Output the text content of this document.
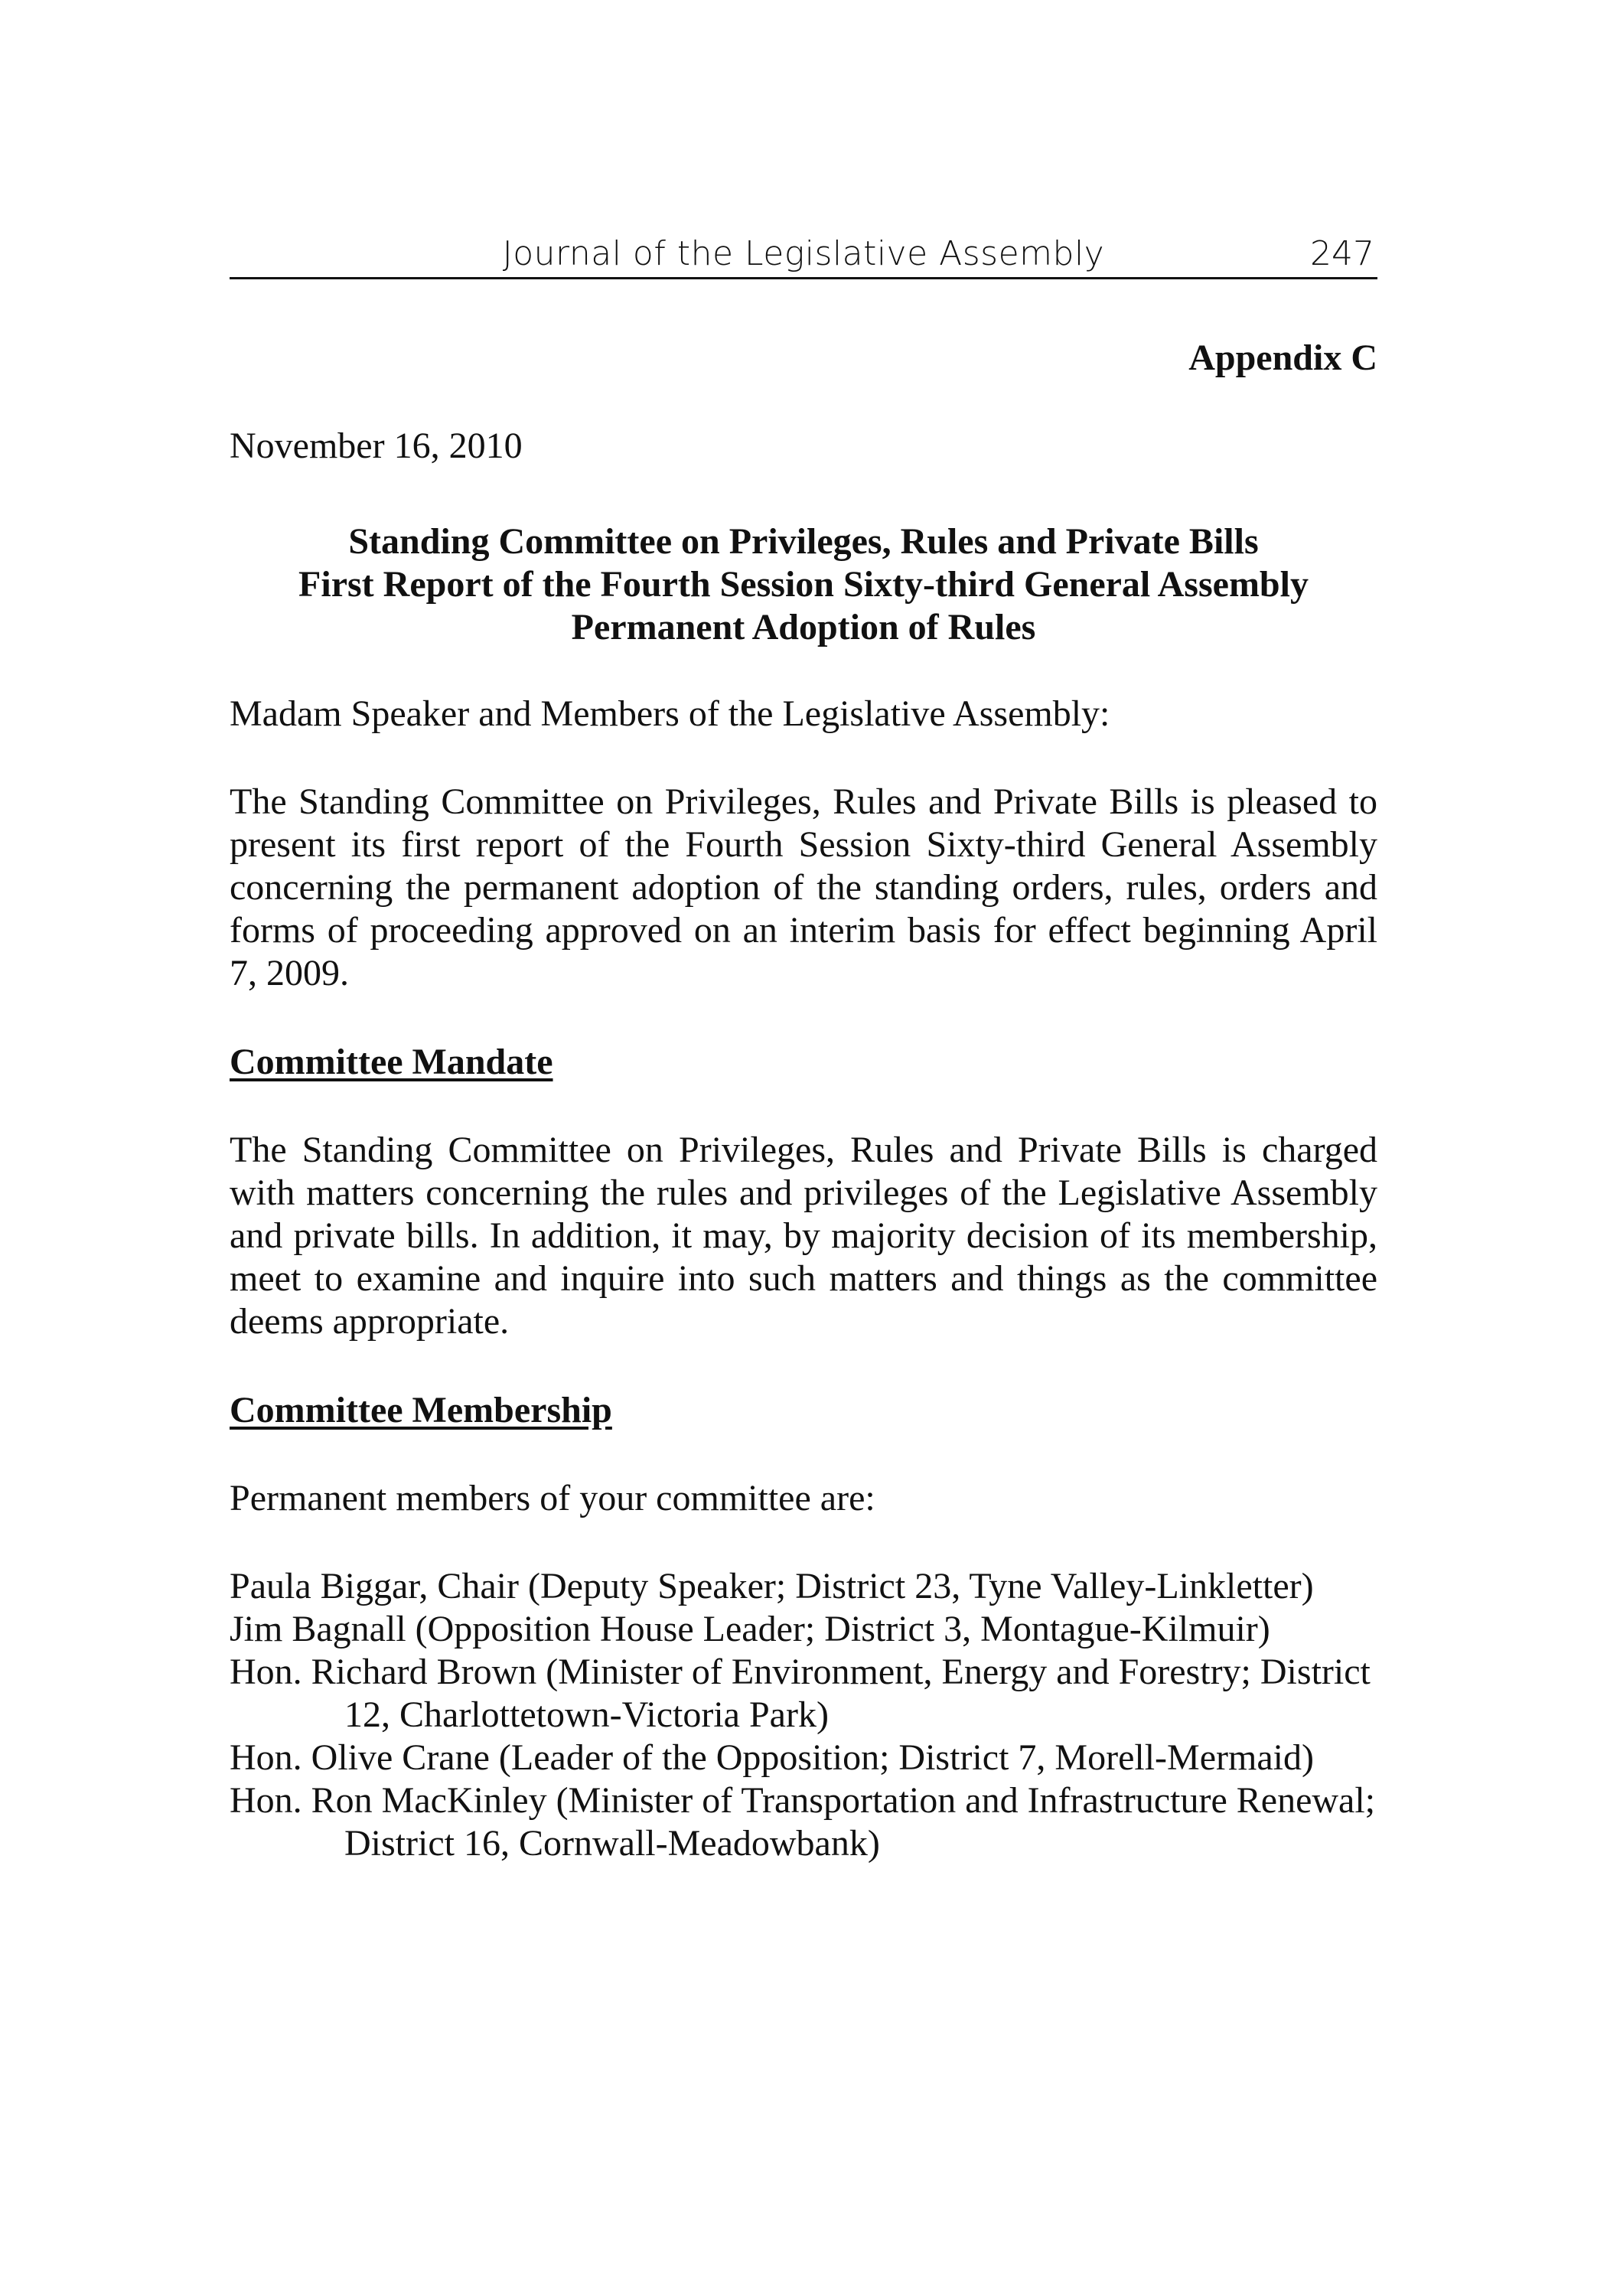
Journal of the Legislative Assembly	247
Appendix C
November 16, 2010
Standing Committee on Privileges, Rules and Private Bills
First Report of the Fourth Session Sixty-third General Assembly
Permanent Adoption of Rules
Madam Speaker and Members of the Legislative Assembly:
The Standing Committee on Privileges, Rules and Private Bills is pleased to present its first report of the Fourth Session Sixty-third General Assembly concerning the permanent adoption of the standing orders, rules, orders and forms of proceeding approved on an interim basis for effect beginning April 7, 2009.
Committee Mandate
The Standing Committee on Privileges, Rules and Private Bills is charged with matters concerning the rules and privileges of the Legislative Assembly and private bills. In addition, it may, by majority decision of its membership, meet to examine and inquire into such matters and things as the committee deems appropriate.
Committee Membership
Permanent members of your committee are:
Paula Biggar, Chair (Deputy Speaker; District 23, Tyne Valley-Linkletter)
Jim Bagnall (Opposition House Leader; District 3, Montague-Kilmuir)
Hon. Richard Brown (Minister of Environment, Energy and Forestry; District 12, Charlottetown-Victoria Park)
Hon. Olive Crane (Leader of the Opposition; District 7, Morell-Mermaid)
Hon. Ron MacKinley (Minister of Transportation and Infrastructure Renewal; District 16, Cornwall-Meadowbank)
